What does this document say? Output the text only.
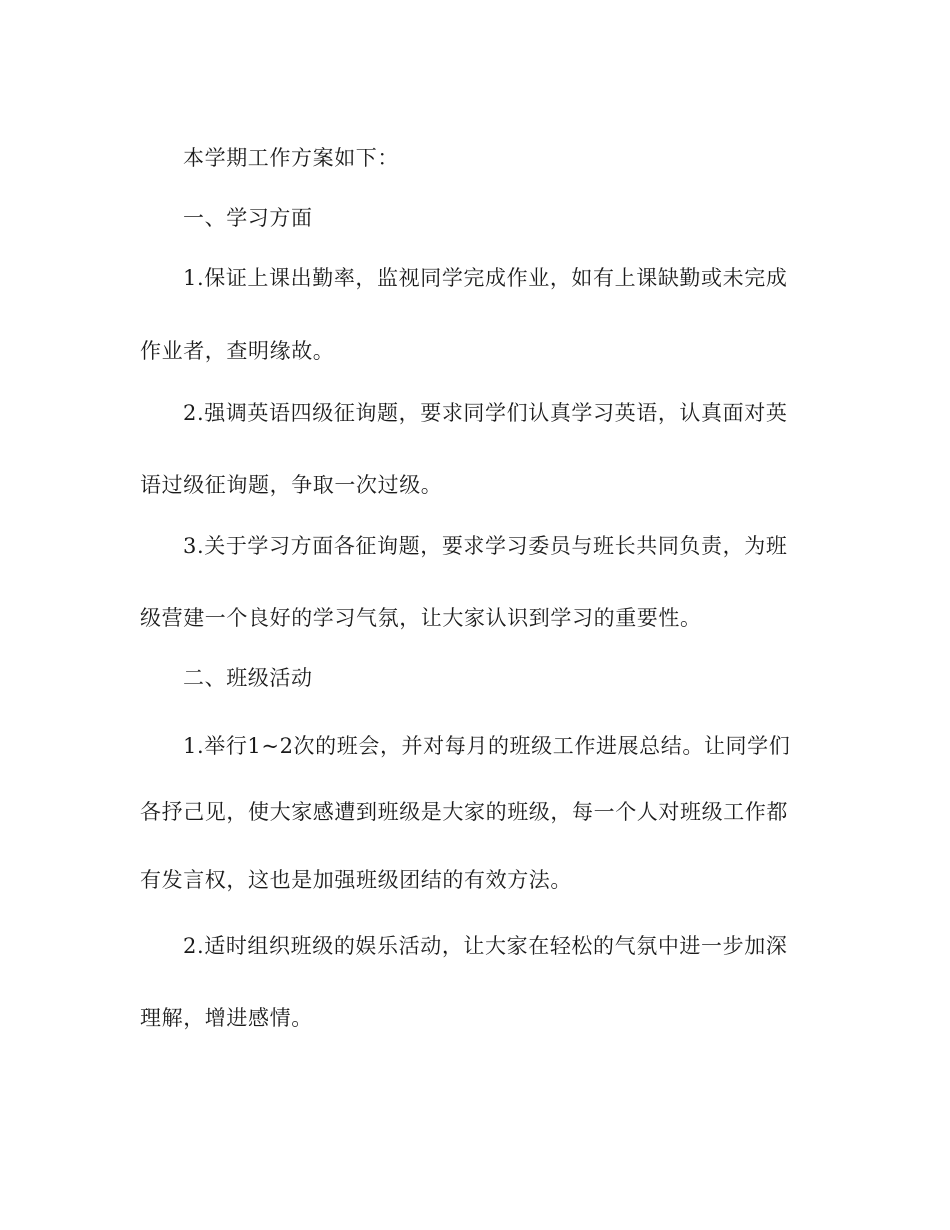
本学期工作方案如下：
一、学习方面
1.保证上课出勤率，监视同学完成作业，如有上课缺勤或未完成
作业者，查明缘故。
2.强调英语四级征询题，要求同学们认真学习英语，认真面对英
语过级征询题，争取一次过级。
3.关于学习方面各征询题，要求学习委员与班长共同负责，为班
级营建一个良好的学习气氛，让大家认识到学习的重要性。
二、班级活动
1.举行1~2次的班会，并对每月的班级工作进展总结。让同学们
各抒己见，使大家感遭到班级是大家的班级，每一个人对班级工作都
有发言权，这也是加强班级团结的有效方法。
2.适时组织班级的娱乐活动，让大家在轻松的气氛中进一步加深
理解，增进感情。
